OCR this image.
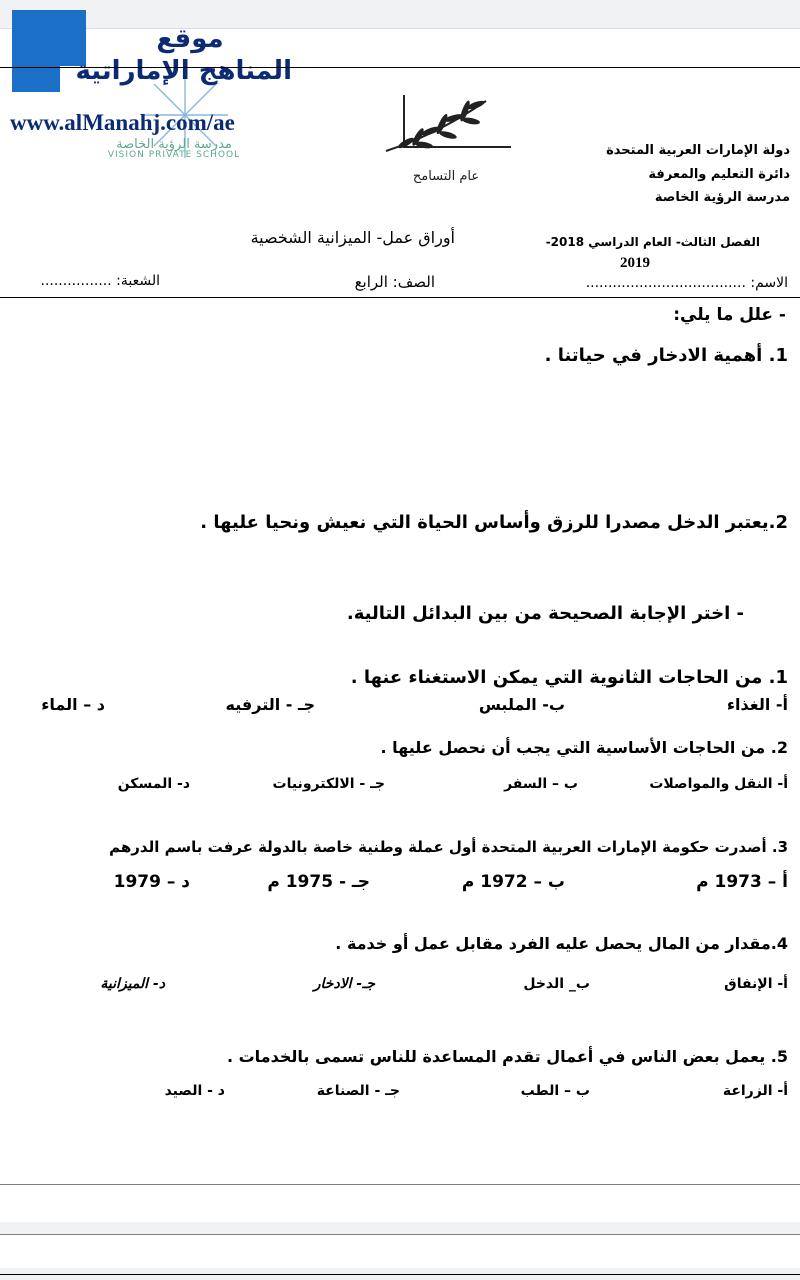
موقع
المناهج الإماراتية
www.alManahj.com/ae
مدرسة الرؤية الخاصة
VISION PRIVATE SCHOOL
عام التسامح
دولة الإمارات العربية المتحدة
دائرة التعليم والمعرفة
مدرسة الرؤية الخاصة
الفصل الثالث- العام الدراسي 2018-
2019
أوراق عمل- الميزانية الشخصية
الاسم: ....................................
الصف: الرابع
الشعبة: ................
- علل ما يلي:
1. أهمية الادخار في حياتنا .
2.يعتبر الدخل مصدرا للرزق وأساس الحياة التي نعيش ونحيا عليها .
- اختر الإجابة الصحيحة من بين البدائل التالية.
1. من الحاجات الثانوية التي يمكن الاستغناء عنها .
أ- الغذاء
ب- الملبس
جـ - الترفيه
د – الماء
2. من الحاجات الأساسية التي يجب أن نحصل عليها .
أ- النقل والمواصلات
ب – السفر
جـ - الالكترونيات
د- المسكن
3. أصدرت حكومة الإمارات العربية المتحدة أول عملة وطنية خاصة بالدولة عرفت باسم الدرهم
أ – 1973 م
ب – 1972 م
جـ - 1975 م
د – 1979
4.مقدار من المال يحصل عليه الفرد مقابل عمل أو خدمة .
أ- الإنفاق
ب_ الدخل
جـ- الادخار
د- الميزانية
5. يعمل بعض الناس في أعمال تقدم المساعدة للناس تسمى بالخدمات .
أ- الزراعة
ب – الطب
جـ - الصناعة
د - الصيد
